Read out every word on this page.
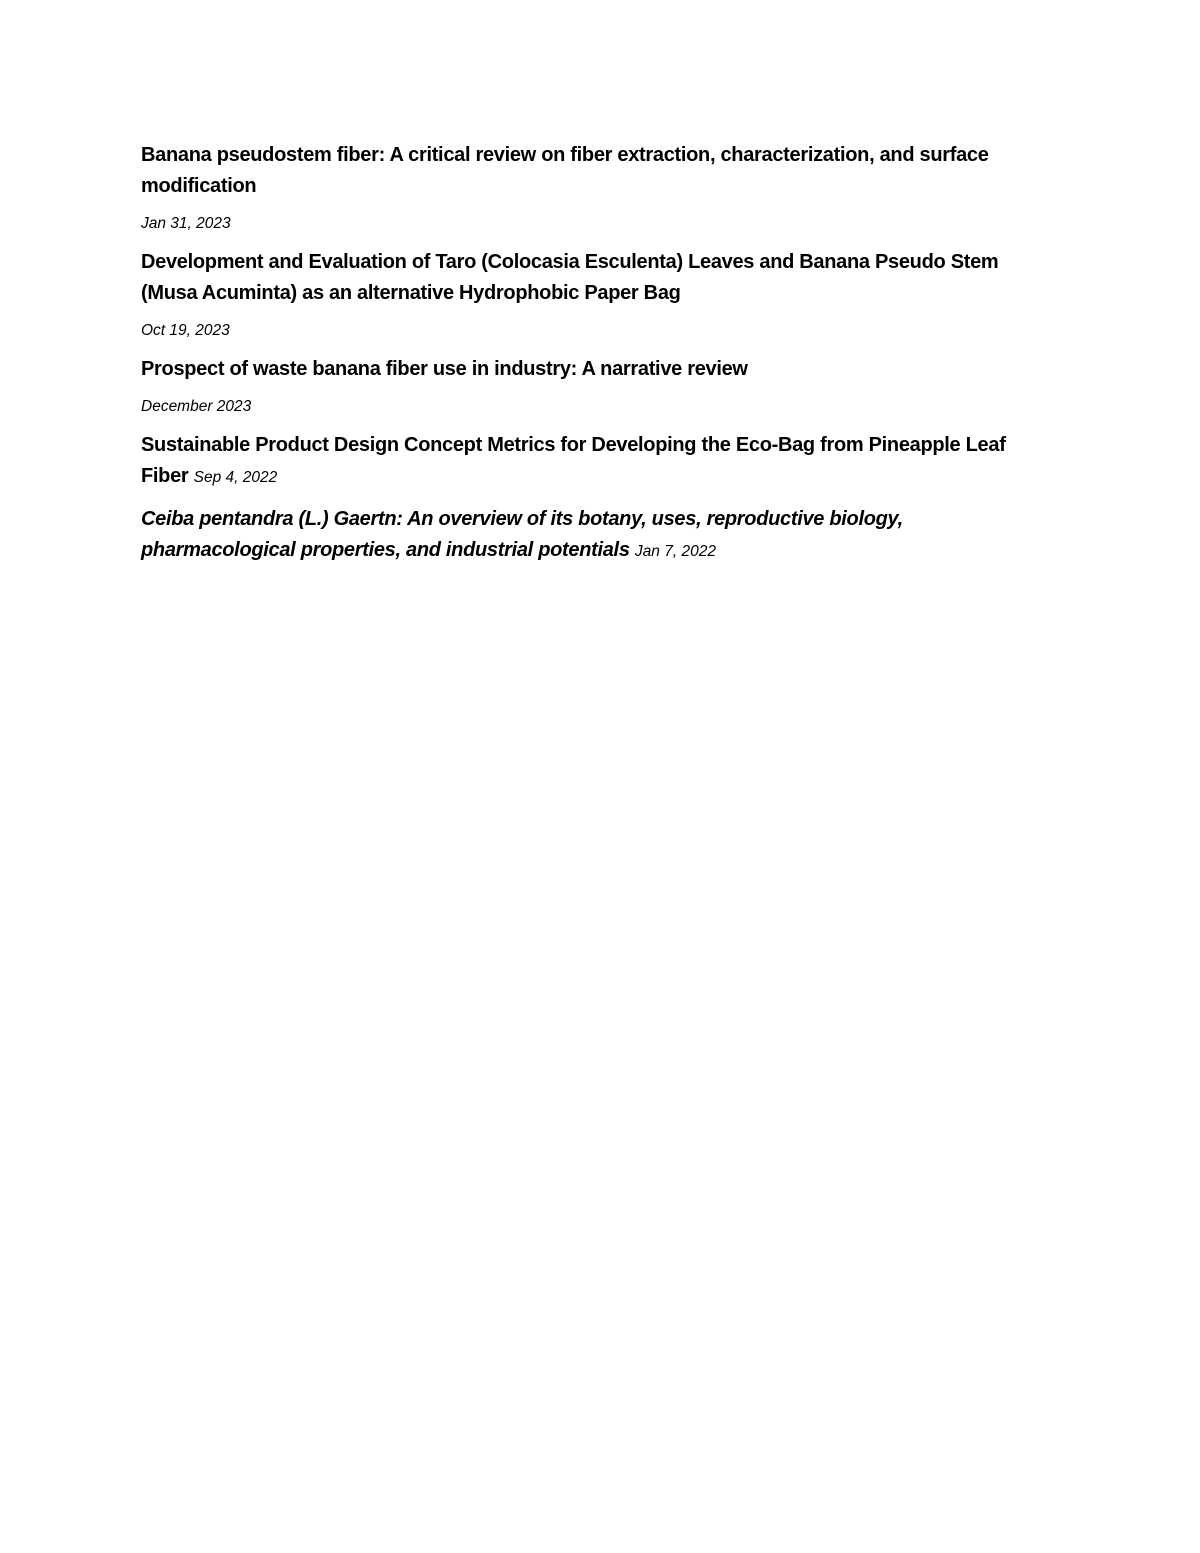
Banana pseudostem fiber: A critical review on fiber extraction, characterization, and surface modification

Jan 31, 2023

Development and Evaluation of Taro (Colocasia Esculenta) Leaves and Banana Pseudo Stem (Musa Acuminta) as an alternative Hydrophobic Paper Bag

Oct 19, 2023

Prospect of waste banana fiber use in industry: A narrative review

December 2023

Sustainable Product Design Concept Metrics for Developing the Eco-Bag from Pineapple Leaf Fiber Sep 4, 2022

Ceiba pentandra (L.) Gaertn: An overview of its botany, uses, reproductive biology, pharmacological properties, and industrial potentials Jan 7, 2022
